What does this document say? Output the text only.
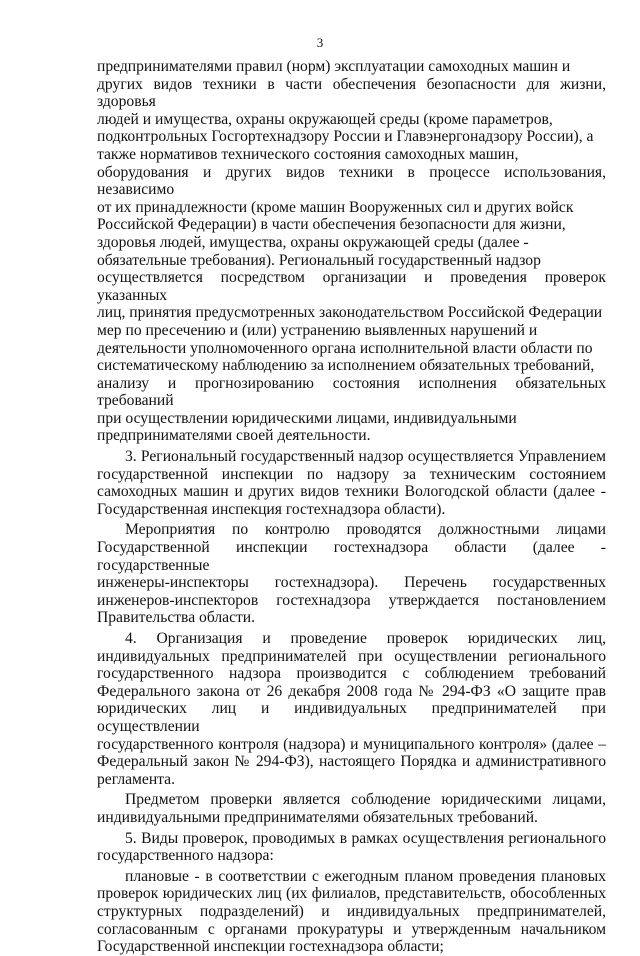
3
предпринимателями правил (норм) эксплуатации самоходных машин и
других видов техники в части обеспечения безопасности для жизни, здоровья
людей и имущества, охраны окружающей среды (кроме параметров,
подконтрольных Госгортехнадзору России и Главэнергонадзору России), а
также нормативов технического состояния самоходных машин,
оборудования и других видов техники в процессе использования, независимо
от их принадлежности (кроме машин Вооруженных сил и других войск
Российской Федерации) в части обеспечения безопасности для жизни,
здоровья людей, имущества, охраны окружающей среды (далее -
обязательные требования). Региональный государственный надзор
осуществляется посредством организации и проведения проверок указанных
лиц, принятия предусмотренных законодательством Российской Федерации
мер по пресечению и (или) устранению выявленных нарушений и
деятельности уполномоченного органа исполнительной власти области по
систематическому наблюдению за исполнением обязательных требований,
анализу и прогнозированию состояния исполнения обязательных требований
при осуществлении юридическими лицами, индивидуальными
предпринимателями своей деятельности.
3. Региональный государственный надзор осуществляется Управлением
государственной инспекции по надзору за техническим состоянием
самоходных машин и других видов техники Вологодской области (далее -
Государственная инспекция гостехнадзора области).
Мероприятия по контролю проводятся должностными лицами
Государственной инспекции гостехнадзора области (далее - государственные
инженеры-инспекторы гостехнадзора). Перечень государственных
инженеров-инспекторов гостехнадзора утверждается постановлением
Правительства области.
4. Организация и проведение проверок юридических лиц,
индивидуальных предпринимателей при осуществлении регионального
государственного надзора производится с соблюдением требований
Федерального закона от 26 декабря 2008 года № 294-ФЗ «О защите прав
юридических лиц и индивидуальных предпринимателей при осуществлении
государственного контроля (надзора) и муниципального контроля» (далее –
Федеральный закон № 294-ФЗ), настоящего Порядка и административного
регламента.
Предметом проверки является соблюдение юридическими лицами,
индивидуальными предпринимателями обязательных требований.
5. Виды проверок, проводимых в рамках осуществления регионального
государственного надзора:
плановые - в соответствии с ежегодным планом проведения плановых
проверок юридических лиц (их филиалов, представительств, обособленных
структурных подразделений) и индивидуальных предпринимателей,
согласованным с органами прокуратуры и утвержденным начальником
Государственной инспекции гостехнадзора области;
